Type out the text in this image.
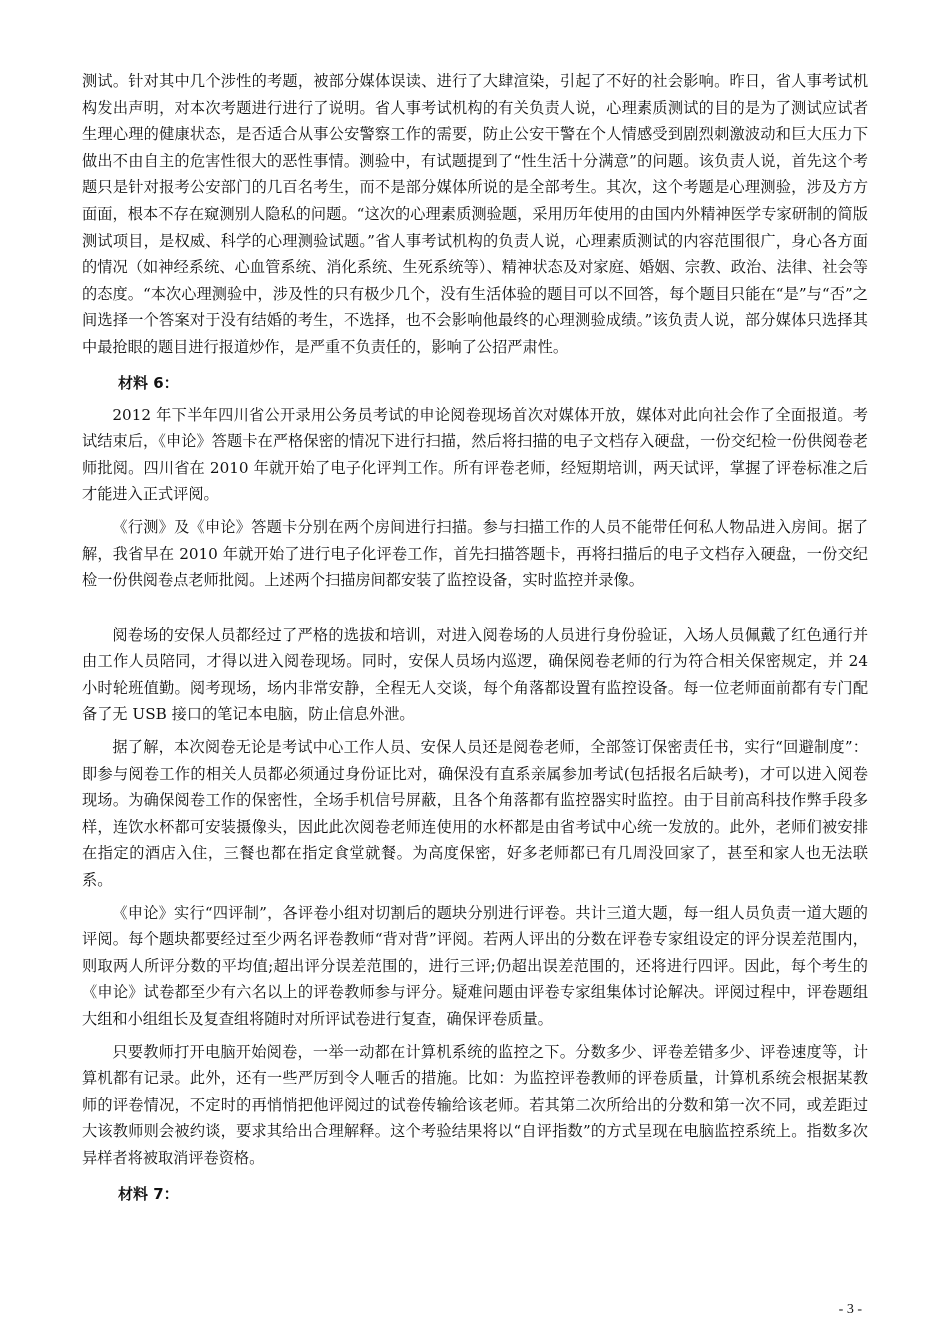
测试。针对其中几个涉性的考题，被部分媒体误读、进行了大肆渲染，引起了不好的社会影响。昨日，省人事考试机构发出声明，对本次考题进行进行了说明。省人事考试机构的有关负责人说，心理素质测试的目的是为了测试应试者生理心理的健康状态，是否适合从事公安警察工作的需要，防止公安干警在个人情感受到剧烈刺激波动和巨大压力下做出不由自主的危害性很大的恶性事情。测验中，有试题提到了“性生活十分满意”的问题。该负责人说，首先这个考题只是针对报考公安部门的几百名考生，而不是部分媒体所说的是全部考生。其次，这个考题是心理测验，涉及方方面面，根本不存在窥测别人隐私的问题。“这次的心理素质测验题，采用历年使用的由国内外精神医学专家研制的简版测试项目，是权威、科学的心理测验试题。”省人事考试机构的负责人说，心理素质测试的内容范围很广，身心各方面的情况（如神经系统、心血管系统、消化系统、生死系统等）、精神状态及对家庭、婚姻、宗教、政治、法律、社会等的态度。“本次心理测验中，涉及性的只有极少几个，没有生活体验的题目可以不回答，每个题目只能在“是”与“否”之间选择一个答案对于没有结婚的考生，不选择，也不会影响他最终的心理测验成绩。”该负责人说，部分媒体只选择其中最抢眼的题目进行报道炒作，是严重不负责任的，影响了公招严肃性。

材料 6：

2012 年下半年四川省公开录用公务员考试的申论阅卷现场首次对媒体开放，媒体对此向社会作了全面报道。考试结束后，《申论》答题卡在严格保密的情况下进行扫描，然后将扫描的电子文档存入硬盘，一份交纪检一份供阅卷老师批阅。四川省在 2010 年就开始了电子化评判工作。所有评卷老师，经短期培训，两天试评，掌握了评卷标准之后才能进入正式评阅。

《行测》及《申论》答题卡分别在两个房间进行扫描。参与扫描工作的人员不能带任何私人物品进入房间。据了解，我省早在 2010 年就开始了进行电子化评卷工作，首先扫描答题卡，再将扫描后的电子文档存入硬盘，一份交纪检一份供阅卷点老师批阅。上述两个扫描房间都安装了监控设备，实时监控并录像。

阅卷场的安保人员都经过了严格的选拔和培训，对进入阅卷场的人员进行身份验证，入场人员佩戴了红色通行并由工作人员陪同，才得以进入阅卷现场。同时，安保人员场内巡逻，确保阅卷老师的行为符合相关保密规定，并 24 小时轮班值勤。阅考现场，场内非常安静，全程无人交谈，每个角落都设置有监控设备。每一位老师面前都有专门配备了无 USB 接口的笔记本电脑，防止信息外泄。

据了解，本次阅卷无论是考试中心工作人员、安保人员还是阅卷老师，全部签订保密责任书，实行“回避制度”：即参与阅卷工作的相关人员都必须通过身份证比对，确保没有直系亲属参加考试(包括报名后缺考)，才可以进入阅卷现场。为确保阅卷工作的保密性，全场手机信号屏蔽，且各个角落都有监控器实时监控。由于目前高科技作弊手段多样，连饮水杯都可安装摄像头，因此此次阅卷老师连使用的水杯都是由省考试中心统一发放的。此外，老师们被安排在指定的酒店入住，三餐也都在指定食堂就餐。为高度保密，好多老师都已有几周没回家了，甚至和家人也无法联系。

《申论》实行“四评制”，各评卷小组对切割后的题块分别进行评卷。共计三道大题，每一组人员负责一道大题的评阅。每个题块都要经过至少两名评卷教师“背对背”评阅。若两人评出的分数在评卷专家组设定的评分误差范围内，则取两人所评分数的平均值;超出评分误差范围的，进行三评;仍超出误差范围的，还将进行四评。因此，每个考生的《申论》试卷都至少有六名以上的评卷教师参与评分。疑难问题由评卷专家组集体讨论解决。评阅过程中，评卷题组大组和小组组长及复查组将随时对所评试卷进行复查，确保评卷质量。

只要教师打开电脑开始阅卷，一举一动都在计算机系统的监控之下。分数多少、评卷差错多少、评卷速度等，计算机都有记录。此外，还有一些严厉到令人咂舌的措施。比如：为监控评卷教师的评卷质量，计算机系统会根据某教师的评卷情况，不定时的再悄悄把他评阅过的试卷传输给该老师。若其第二次所给出的分数和第一次不同，或差距过大该教师则会被约谈，要求其给出合理解释。这个考验结果将以“自评指数”的方式呈现在电脑监控系统上。指数多次异样者将被取消评卷资格。

材料 7：
- 3 -
